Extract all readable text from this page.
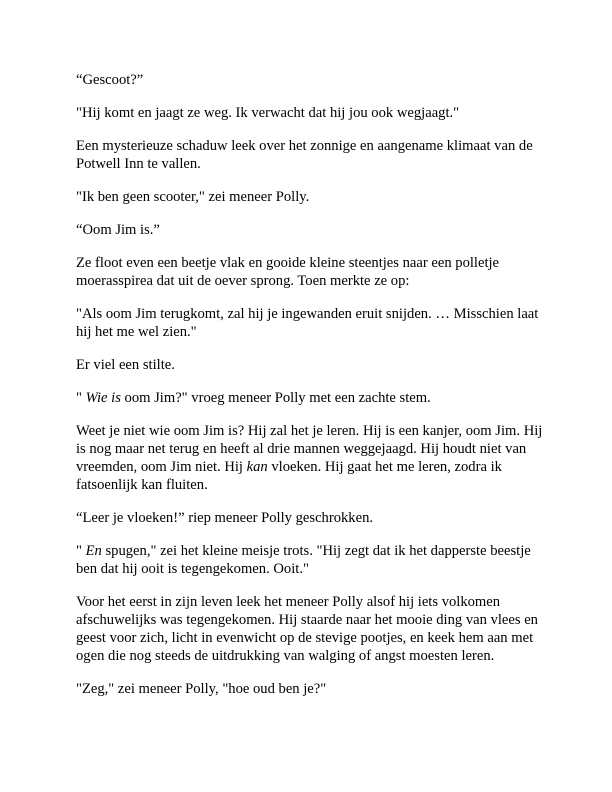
“Gescoot?”

"Hij komt en jaagt ze weg. Ik verwacht dat hij jou ook wegjaagt."

Een mysterieuze schaduw leek over het zonnige en aangename klimaat van de Potwell Inn te vallen.

"Ik ben geen scooter," zei meneer Polly.

“Oom Jim is.”

Ze floot even een beetje vlak en gooide kleine steentjes naar een polletje moerasspirea dat uit de oever sprong. Toen merkte ze op:

"Als oom Jim terugkomt, zal hij je ingewanden eruit snijden. … Misschien laat hij het me wel zien."

Er viel een stilte.

" Wie is oom Jim?" vroeg meneer Polly met een zachte stem.

Weet je niet wie oom Jim is? Hij zal het je leren. Hij is een kanjer, oom Jim. Hij is nog maar net terug en heeft al drie mannen weggejaagd. Hij houdt niet van vreemden, oom Jim niet. Hij kan vloeken. Hij gaat het me leren, zodra ik fatsoenlijk kan fluiten.

“Leer je vloeken!” riep meneer Polly geschrokken.

" En spugen," zei het kleine meisje trots. "Hij zegt dat ik het dapperste beestje ben dat hij ooit is tegengekomen. Ooit."

Voor het eerst in zijn leven leek het meneer Polly alsof hij iets volkomen afschuwelijks was tegengekomen. Hij staarde naar het mooie ding van vlees en geest voor zich, licht in evenwicht op de stevige pootjes, en keek hem aan met ogen die nog steeds de uitdrukking van walging of angst moesten leren.

"Zeg," zei meneer Polly, "hoe oud ben je?"
